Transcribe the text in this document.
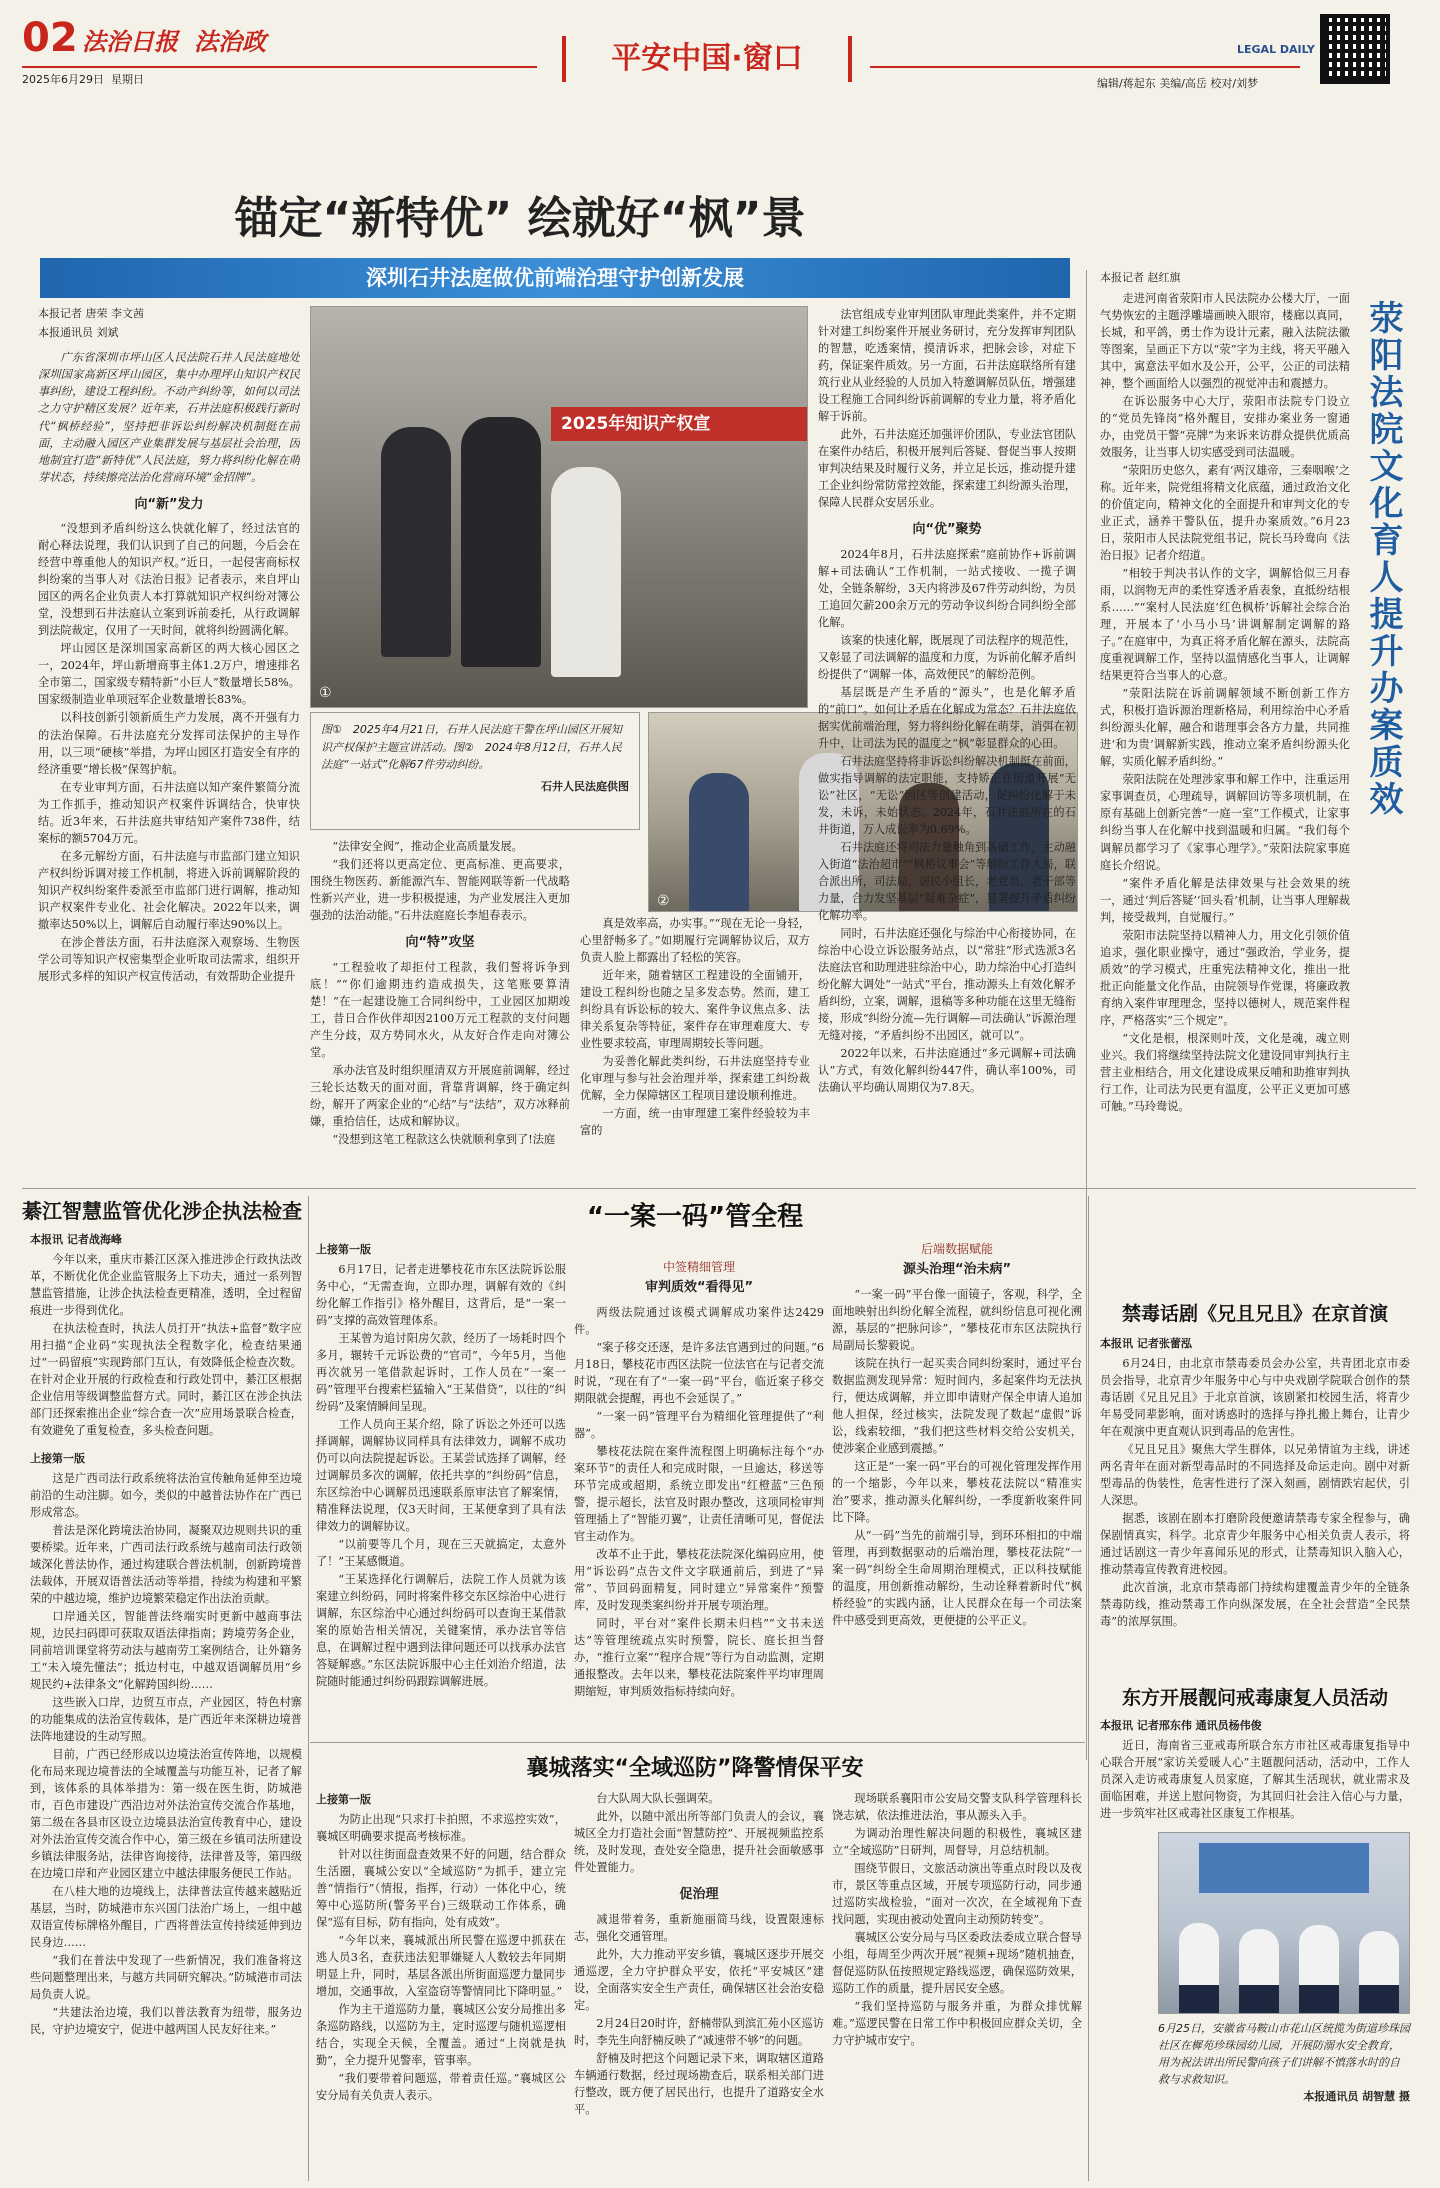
02 法治日报 法治政
2025年6月29日 星期日
平安中国·窗口	LEGAL DAILY
编辑/蒋起东 美编/高岳 校对/刘梦
锚定“新特优” 绘就好“枫”景
深圳石井法庭做优前端治理守护创新发展
本报记者 唐荣 李文茜
本报通讯员 刘斌

广东省深圳市坪山区人民法院石井人民法庭地处深圳国家高新区坪山园区，集中办理坪山知识产权民事纠纷，建设工程纠纷。不动产纠纷等，如何以司法之力守护精区发展？近年来，石井法庭积极践行新时代“枫桥经验”，坚持把非诉讼纠纷解决机制挺在前面，主动融入园区产业集群发展与基层社会治理，因地制宜打造“新特优”人民法庭，努力将纠纷化解在萌芽状态，持续擦亮法治化营商环境“金招牌”。

向“新”发力

“没想到矛盾纠纷这么快就化解了，经过法官的耐心释法说理，我们认识到了自己的问题，今后会在经营中尊重他人的知识产权。”近日，一起侵害商标权纠纷案的当事人对《法治日报》记者表示，来自坪山园区的两名企业负责人本打算就知识产权纠纷对簿公堂，没想到石井法庭认立案到诉前委托，从行政调解到法院裁定，仅用了一天时间，就将纠纷圆满化解。

坪山园区是深圳国家高新区的两大核心园区之一，2024年，坪山新增商事主体1.2万户，增速排名全市第二，国家级专精特新“小巨人”数量增长58%。国家级制造业单项冠军企业数量增长83%。

以科技创新引领新质生产力发展，离不开强有力的法治保障。石井法庭充分发挥司法保护的主导作用，以三项“硬核”举措，为坪山园区打造安全有序的经济重要“增长极”保驾护航。

在专业审判方面，石井法庭以知产案件繁简分流为工作抓手，推动知识产权案件诉调结合，快审快结。近3年来，石井法庭共审结知产案件738件，结案标的额5704万元。

在多元解纷方面，石井法庭与市监部门建立知识产权纠纷诉调对接工作机制，将进入诉前调解阶段的知识产权纠纷案件委派至市监部门进行调解，推动知识产权案件专业化、社会化解决。2022年以来，调撤率达50%以上，调解后自动履行率达90%以上。

在涉企普法方面，石井法庭深入观察场、生物医学公司等知识产权密集型企业听取司法需求，组织开展形式多样的知识产权宣传活动，有效帮助企业提升

2025年知识产权宣
①
图①　2025年4月21日，石井人民法庭干警在坪山园区开展知识产权保护主题宣讲活动。图②　2024年8月12日，石井人民法庭“一站式”化解67件劳动纠纷。
石井人民法庭供图
②

“法律安全阀”，推动企业高质量发展。

“我们还将以更高定位、更高标准、更高要求，围绕生物医药、新能源汽车、智能网联等新一代战略性新兴产业，进一步积极提速，为产业发展注入更加强劲的法治动能。”石井法庭庭长李旭春表示。

向“特”攻坚

“工程验收了却拒付工程款，我们誓将诉争到底！”“你们逾期违约造成损失，这笔账要算清楚！”在一起建设施工合同纠纷中，工业园区加期竣工，昔日合作伙伴却因2100万元工程款的支付问题产生分歧，双方势同水火，从友好合作走向对簿公堂。

承办法官及时组织厘清双方开展庭前调解，经过三轮长达数天的面对面，背靠背调解，终于确定纠纷，解开了两家企业的“心结”与“法结”，双方冰释前嫌，重拾信任，达成和解协议。

“没想到这笔工程款这么快就顺利拿到了!法庭

真是效率高，办实事。”“现在无论一身轻，心里舒畅多了。”如期履行完调解协议后，双方负责人脸上都露出了轻松的笑容。

近年来，随着辖区工程建设的全面铺开，建设工程纠纷也随之呈多发态势。然而，建工纠纷具有诉讼标的较大、案件争议焦点多、法律关系复杂等特征，案件存在审理难度大、专业性要求较高，审理周期较长等问题。

为妥善化解此类纠纷，石井法庭坚持专业化审理与参与社会治理并举，探索建工纠纷裁优解，全力保障辖区工程项目建设顺利推进。

一方面，统一由审理建工案件经验较为丰富的

法官组成专业审判团队审理此类案件，并不定期针对建工纠纷案件开展业务研讨，充分发挥审判团队的智慧，吃透案情，摸清诉求，把脉会诊，对症下药，保证案件质效。另一方面，石井法庭联络所有建筑行业从业经验的人员加入特邀调解员队伍，增强建设工程施工合同纠纷诉前调解的专业力量，将矛盾化解于诉前。

此外，石井法庭还加强评价团队，专业法官团队在案件办结后，积极开展判后答疑、督促当事人按期审判决结果及时履行义务，并立足长远，推动提升建工企业纠纷常防常控效能，探索建工纠纷源头治理，保障人民群众安居乐业。

向“优”聚势

2024年8月，石井法庭探索“庭前协作+诉前调解+司法确认”工作机制，一站式接收、一揽子调处，全链条解纷，3天内将涉及67件劳动纠纷，为员工追回欠薪200余万元的劳动争议纠纷合同纠纷全部化解。

该案的快速化解，既展现了司法程序的规范性，又彰显了司法调解的温度和力度，为诉前化解矛盾纠纷提供了“调解一体，高效便民”的解纷范例。

基层既是产生矛盾的“源头”，也是化解矛盾的“前口”。如何让矛盾在化解成为常态？石井法庭依据实优前端治理，努力将纠纷化解在萌芽，消弭在初升中，让司法为民的温度之“枫”彰显群众的心田。

石井法庭坚持将非诉讼纠纷解决机制挺在前面，做实指导调解的法定职能，支持矫正在街道开展“无讼”社区，“无讼”园区等创建活动，促纠纷化解于未发，未诉，未始状态。2024年，石井法庭所在的石井街道，万人成讼率为0.69%。

石井法庭还将司法力量触角到基础工作，主动融入街道“法治超市”“枫桥议事会”等解纷工作大局，联合派出所，司法局，居民小组长，老党员，老干部等力量，合力发坚基层“疑难杂症”，显著提升矛盾纠纷化解功率。

同时，石井法庭还强化与综治中心衔接协同，在综治中心设立诉讼服务站点，以“常驻”形式选派3名法庭法官和助理进驻综治中心，助力综治中心打造纠纷化解大调处“一站式”平台，推动源头上有效化解矛盾纠纷，立案，调解，退稿等多种功能在这里无缝衔接，形成“纠纷分流—先行调解—司法确认”诉源治理无缝对接，“矛盾纠纷不出园区，就可以”。

2022年以来，石井法庭通过“多元调解+司法确认”方式，有效化解纠纷447件，确认率100%，司法确认平均确认周期仅为7.8天。

本报记者 赵红旗

走进河南省荥阳市人民法院办公楼大厅，一面气势恢宏的主题浮雕墙画映入眼帘，楼廊以真同，长城，和平鸽，勇士作为设计元素，融入法院法徽等图案，呈画正下方以“荥”字为主线，将天平融入其中，寓意法平如水及公开，公平，公正的司法精神，整个画面给人以强烈的视觉冲击和震撼力。

在诉讼服务中心大厅，荥阳市法院专门设立的“党员先锋岗”格外醒目，安排办案业务一窗通办，由党员干警“亮牌”为来诉来访群众提供优质高效服务，让当事人切实感受到司法温暖。

“荥阳历史悠久，素有‘两汉雄帝，三秦咽喉’之称。近年来，院党组将精文化底蕴，通过政治文化的价值定向，精神文化的全面提升和审判文化的专业正式，涵养干警队伍，提升办案质效。”6月23日，荥阳市人民法院党组书记，院长马玲鸯向《法治日报》记者介绍道。

“相较于判决书认作的文字，调解恰似三月春雨，以润物无声的柔性穿透矛盾表象，直抵纷结根系……”“案村人民法庭‘红色枫桥’诉解社会综合治理，开展本了‘小马小马’讲调解制定调解的路子。”在庭审中，为真正将矛盾化解在源头，法院高度重视调解工作，坚持以温情感化当事人，让调解结果更符合当事人的心意。

“荥阳法院在诉前调解领域不断创新工作方式，积极打造诉源治理新格局，利用综治中心矛盾纠纷源头化解，融合和谐理事会各方力量，共同推进‘和为贵’调解新实践，推动立案矛盾纠纷源头化解，实质化解矛盾纠纷。”

荥阳法院在处理涉家事和解工作中，注重运用家事调查员，心理疏导，调解回访等多项机制，在原有基础上创新完善“一庭一室”工作模式，让家事纠纷当事人在化解中找到温暖和归属。“我们每个调解员都学习了《家事心理学》。”荥阳法院家事庭庭长介绍说。

“案件矛盾化解是法律效果与社会效果的统一，通过‘判后答疑’‘回头看’机制，让当事人理解裁判，接受裁判，自觉履行。”

荥阳市法院坚持以精神人力，用文化引领价值追求，强化职业操守，通过“强政治，学业务，提质效”的学习模式，庄重宪法精神文化，推出一批批正向能量文化作品，由院领导作党课，将廉政教育纳入案件审理理念，坚持以德树人，规范案件程序，严格落实“三个规定”。

“文化是根，根深则叶茂，文化是魂，魂立则业兴。我们将继续坚持法院文化建设同审判执行主营主业相结合，用文化建设成果反哺和助推审判执行工作，让司法为民更有温度，公平正义更加可感可触。”马玲鸯说。

荥阳法院文化育人提升办案质效
綦江智慧监管优化涉企执法检查
本报讯 记者战海峰

今年以来，重庆市綦江区深入推进涉企行政执法改革，不断优化优企业监管服务上下功夫，通过一系列智慧监管措施，让涉企执法检查更精准，透明，全过程留痕进一步得到优化。

在执法检查时，执法人员打开“执法+监督”数字应用扫描“企业码”实现执法全程数字化，检查结果通过“一码留痕”实现跨部门互认，有效降低企检查次数。在针对企业开展的行政检查和行政处罚中，綦江区根据企业信用等级调整监督方式。同时，綦江区在涉企执法部门还探索推出企业“综合查一次”应用场景联合检查，有效避免了重复检查，多头检查问题。

上接第一版

这是广西司法行政系统将法治宣传触角延伸至边境前沿的生动注脚。如今，类似的中越普法协作在广西已形成常态。

普法是深化跨境法治协同，凝聚双边规则共识的重要桥梁。近年来，广西司法行政系统与越南司法行政领域深化普法协作，通过构建联合普法机制，创新跨境普法载体，开展双语普法活动等举措，持续为构建和平繁荣的中越边境，维护边境繁荣稳定作出法治贡献。

口岸通关区，智能普法终端实时更新中越商事法规，边民扫码即可获取双语法律指南；跨境劳务企业，同前培训课堂将劳动法与越南劳工案例结合，让外籍务工“未入境先懂法”；抵边村屯，中越双语调解员用“乡规民约+法律条文”化解跨国纠纷……

这些嵌入口岸，边贸互市点，产业园区，特色村寨的功能集成的法治宣传载体，是广西近年来深耕边境普法阵地建设的生动写照。

目前，广西已经形成以边境法治宣传阵地，以规模化布局来现边境普法的全域覆盖与功能互补，记者了解到，该体系的具体举措为：第一级在医生街，防城港市，百色市建设广西沿边对外法治宣传交流合作基地，第二级在各县市区设立边境县法治宣传教育中心，建设对外法治宣传交流合作中心，第三级在乡镇司法所建设乡镇法律服务站，法律咨询接待，法律普及等，第四级在边境口岸和产业园区建立中越法律服务便民工作站。

在八桂大地的边境线上，法律普法宣传越来越贴近基层，当时，防城港市东兴国门法治广场上，一组中越双语宣传标牌格外醒目，广西将普法宣传持续延伸到边民身边……

“我们在普法中发现了一些新情况，我们准备将这些问题整理出来，与越方共同研究解决。”防城港市司法局负责人说。

“共建法治边境，我们以普法教育为纽带，服务边民，守护边境安宁，促进中越两国人民友好往来。”

“一案一码”管全程
上接第一版

6月17日，记者走进攀枝花市东区法院诉讼服务中心，“无需查询，立即办理，调解有效的《纠纷化解工作指引》格外醒目，这背后，是“一案一码”支撑的高效管理体系。

王某曾为追讨阳房欠款，经历了一场耗时四个多月，辗转千元诉讼费的“官司”，今年5月，当他再次就另一笔借款起诉时，工作人员在“一案一码”管理平台搜索栏猛输入“王某借贷”，以往的“纠纷码”及案情瞬间呈现。

工作人员向王某介绍，除了诉讼之外还可以选择调解，调解协议同样具有法律效力，调解不成功仍可以向法院提起诉讼。王某尝试选择了调解，经过调解员多次的调解，依托共享的“纠纷码”信息，东区综治中心调解员迅速联系原审法官了解案情，精准释法说理，仅3天时间，王某便拿到了具有法律效力的调解协议。

“以前要等几个月，现在三天就搞定，太意外了！”王某感慨道。

“王某选择化行调解后，法院工作人员就为该案建立纠纷码，同时将案件移交东区综治中心进行调解，东区综治中心通过纠纷码可以查询王某借款案的原始告相关情况，关键案情，承办法官等信息，在调解过程中遇到法律问题还可以找承办法官答疑解惑。”东区法院诉服中心主任刘治介绍道，法院随时能通过纠纷码跟踪调解进展。

中签精细管理
审判质效“看得见”

两级法院通过该模式调解成功案件达2429件。

“案子移交还逐，是许多法官遇到过的问题。”6月18日，攀枝花市西区法院一位法官在与记者交流时说，“现在有了“一案一码”平台，临近案子移交期限就会提醒，再也不会延误了。”

“一案一码”管理平台为精细化管理提供了“利器”。

攀枝花法院在案件流程图上明确标注每个“办案环节”的责任人和完成时限，一旦逾达，移送等环节完成或超期，系统立即发出“红橙蓝”三色预警，提示超长，法官及时跟办整改，这项同检审判管理插上了“智能刃翼”，让责任清晰可见，督促法官主动作为。

改革不止于此，攀枝花法院深化编码应用，使用“诉讼码”点告文件文字联通前后，到进了“异常”、节回码面精复，同时建立“异常案件”预警库，及时发现类案纠纷并开展专项治理。

同时，平台对“案件长期未归档”“文书未送达”等管理统疏点实时预警，院长、庭长担当督办，“推行立案”“程序合规”等行为自动监测，定期通报整改。去年以来，攀枝花法院案件平均审理周期缩短，审判质效指标持续向好。

后端数据赋能
源头治理“治未病”

“一案一码”平台像一面镜子，客观，科学，全面地映射出纠纷化解全流程，就纠纷信息可视化溯源，基层的“把脉问诊”，“攀枝花市东区法院执行局副局长黎毅说。

该院在执行一起买卖合同纠纷案时，通过平台数据监测发现异常：短时间内，多起案件均无法执行，便达成调解，并立即申请财产保全申请人追加他人担保，经过核实，法院发现了数起“虚假”诉讼，线索较细，“我们把这些材料交给公安机关，使涉案企业感到震撼。”

这正是“一案一码”平台的可视化管理发挥作用的一个缩影，今年以来，攀枝花法院以“精准实治”要求，推动源头化解纠纷，一季度新收案件同比下降。

从“一码”当先的前端引导，到环环相扣的中端管理，再到数据驱动的后端治理，攀枝花法院“一案一码”纠纷全生命周期治理模式，正以科技赋能的温度，用创新推动解纷，生动诠释着新时代“枫桥经验”的实践内涵，让人民群众在每一个司法案件中感受到更高效，更便捷的公平正义。

襄城落实“全域巡防”降警情保平安
上接第一版

为防止出现“只求打卡拍照，不求巡控实效”，襄城区明确要求提高考核标准。

针对以往街面盘查效果不好的问题，结合群众生活圈，襄城公安以“全域巡防”为抓手，建立完善“情指行”（情报，指挥，行动）一体化中心，统筹中心巡防所(警务平台)三级联动工作体系，确保“巡有目标，防有指向，处有成效”。

“今年以来，襄城派出所民警在巡逻中抓获在逃人员3名，查获违法犯罪嫌疑人人数较去年同期明显上升，同时，基层各派出所街面巡逻力量同步增加，交通事故，入室盗窃等警情同比下降明显。”

作为主干道巡防力量，襄城区公安分局推出多条巡防路线，以巡防为主，定时巡逻与随机巡逻相结合，实现全天候，全覆盖。通过“上岗就是执勤”，全力提升见警率，管事率。

“我们要带着问题巡，带着责任巡。”襄城区公安分局有关负责人表示。

台大队周大队长强调荣。

此外，以随中派出所等部门负责人的会议，襄城区全力打造社会面“智慧防控”、开展视频监控系统，及时发现，查处安全隐患，提升社会面敏感事件处置能力。

促治理

减退带着务，重新施丽简马线，设置限速标志，强化交通管理。

此外，大力推动平安乡镇，襄城区逐步开展交通巡逻，全力守护群众平安，依托“平安城区”建设，全面落实安全生产责任，确保辖区社会治安稳定。

2月24日20时许，舒楠带队到滨汇苑小区巡访时，李先生向舒楠反映了“减速带不够”的问题。

舒楠及时把这个问题记录下来，调取辖区道路车辆通行数据，经过现场勘查后，联系相关部门进行整改，既方便了居民出行，也提升了道路安全水平。

现场联系襄阳市公安局交警支队科学管理科长饶志斌，依法推进法治，事从源头入手。

为调动治理性解决问题的积极性，襄城区建立“全域巡防”日研判，周督导，月总结机制。

围绕节假日，文旅活动演出等重点时段以及夜市，景区等重点区域，开展专项巡防行动，同步通过巡防实战检验，“面对一次次，在全域视角下查找问题，实现由被动处置向主动预防转变”。

襄城区公安分局与马区委政法委成立联合督导小组，每周至少两次开展“视频+现场”随机抽查，督促巡防队伍按照规定路线巡逻，确保巡防效果，巡防工作的质量，提升居民安全感。

“我们坚持巡防与服务并重，为群众排忧解难。”巡逻民警在日常工作中积极回应群众关切，全力守护城市安宁。

禁毒话剧《兄且兄且》在京首演
本报讯 记者张蕾泓

6月24日，由北京市禁毒委员会办公室，共青团北京市委员会指导，北京青少年服务中心与中央戏剧学院联合创作的禁毒话剧《兄且兄且》于北京首演，该剧紧扣校园生活，将青少年易受同辈影响，面对诱惑时的选择与挣扎搬上舞台，让青少年在观演中更直观认识到毒品的危害性。

《兄且兄且》聚焦大学生群体，以兄弟情谊为主线，讲述两名青年在面对新型毒品时的不同选择及命运走向。剧中对新型毒品的伪装性，危害性进行了深入刻画，剧情跌宕起伏，引人深思。

据悉，该剧在剧本打磨阶段便邀请禁毒专家全程参与，确保剧情真实，科学。北京青少年服务中心相关负责人表示，将通过话剧这一青少年喜闻乐见的形式，让禁毒知识入脑入心，推动禁毒宣传教育进校园。

此次首演，北京市禁毒部门持续构建覆盖青少年的全链条禁毒防线，推动禁毒工作向纵深发展，在全社会营造“全民禁毒”的浓厚氛围。

东方开展靓问戒毒康复人员活动
本报讯 记者邢东伟 通讯员杨伟俊

近日，海南省三亚戒毒所联合东方市社区戒毒康复指导中心联合开展“家访关爱暖人心”主题靓问活动，活动中，工作人员深入走访戒毒康复人员家庭，了解其生活现状，就业需求及面临困难，并送上慰问物资，为其回归社会注入信心与力量，进一步筑牢社区戒毒社区康复工作根基。

6月25日，安徽省马鞍山市花山区统揽为街道珍珠园社区在樨苑珍珠园幼儿园，开展防溺水安全教育，用为祝法讲出所民警向孩子们讲解不慎落水时的自救与求救知识。
本报通讯员 胡智慧 摄
